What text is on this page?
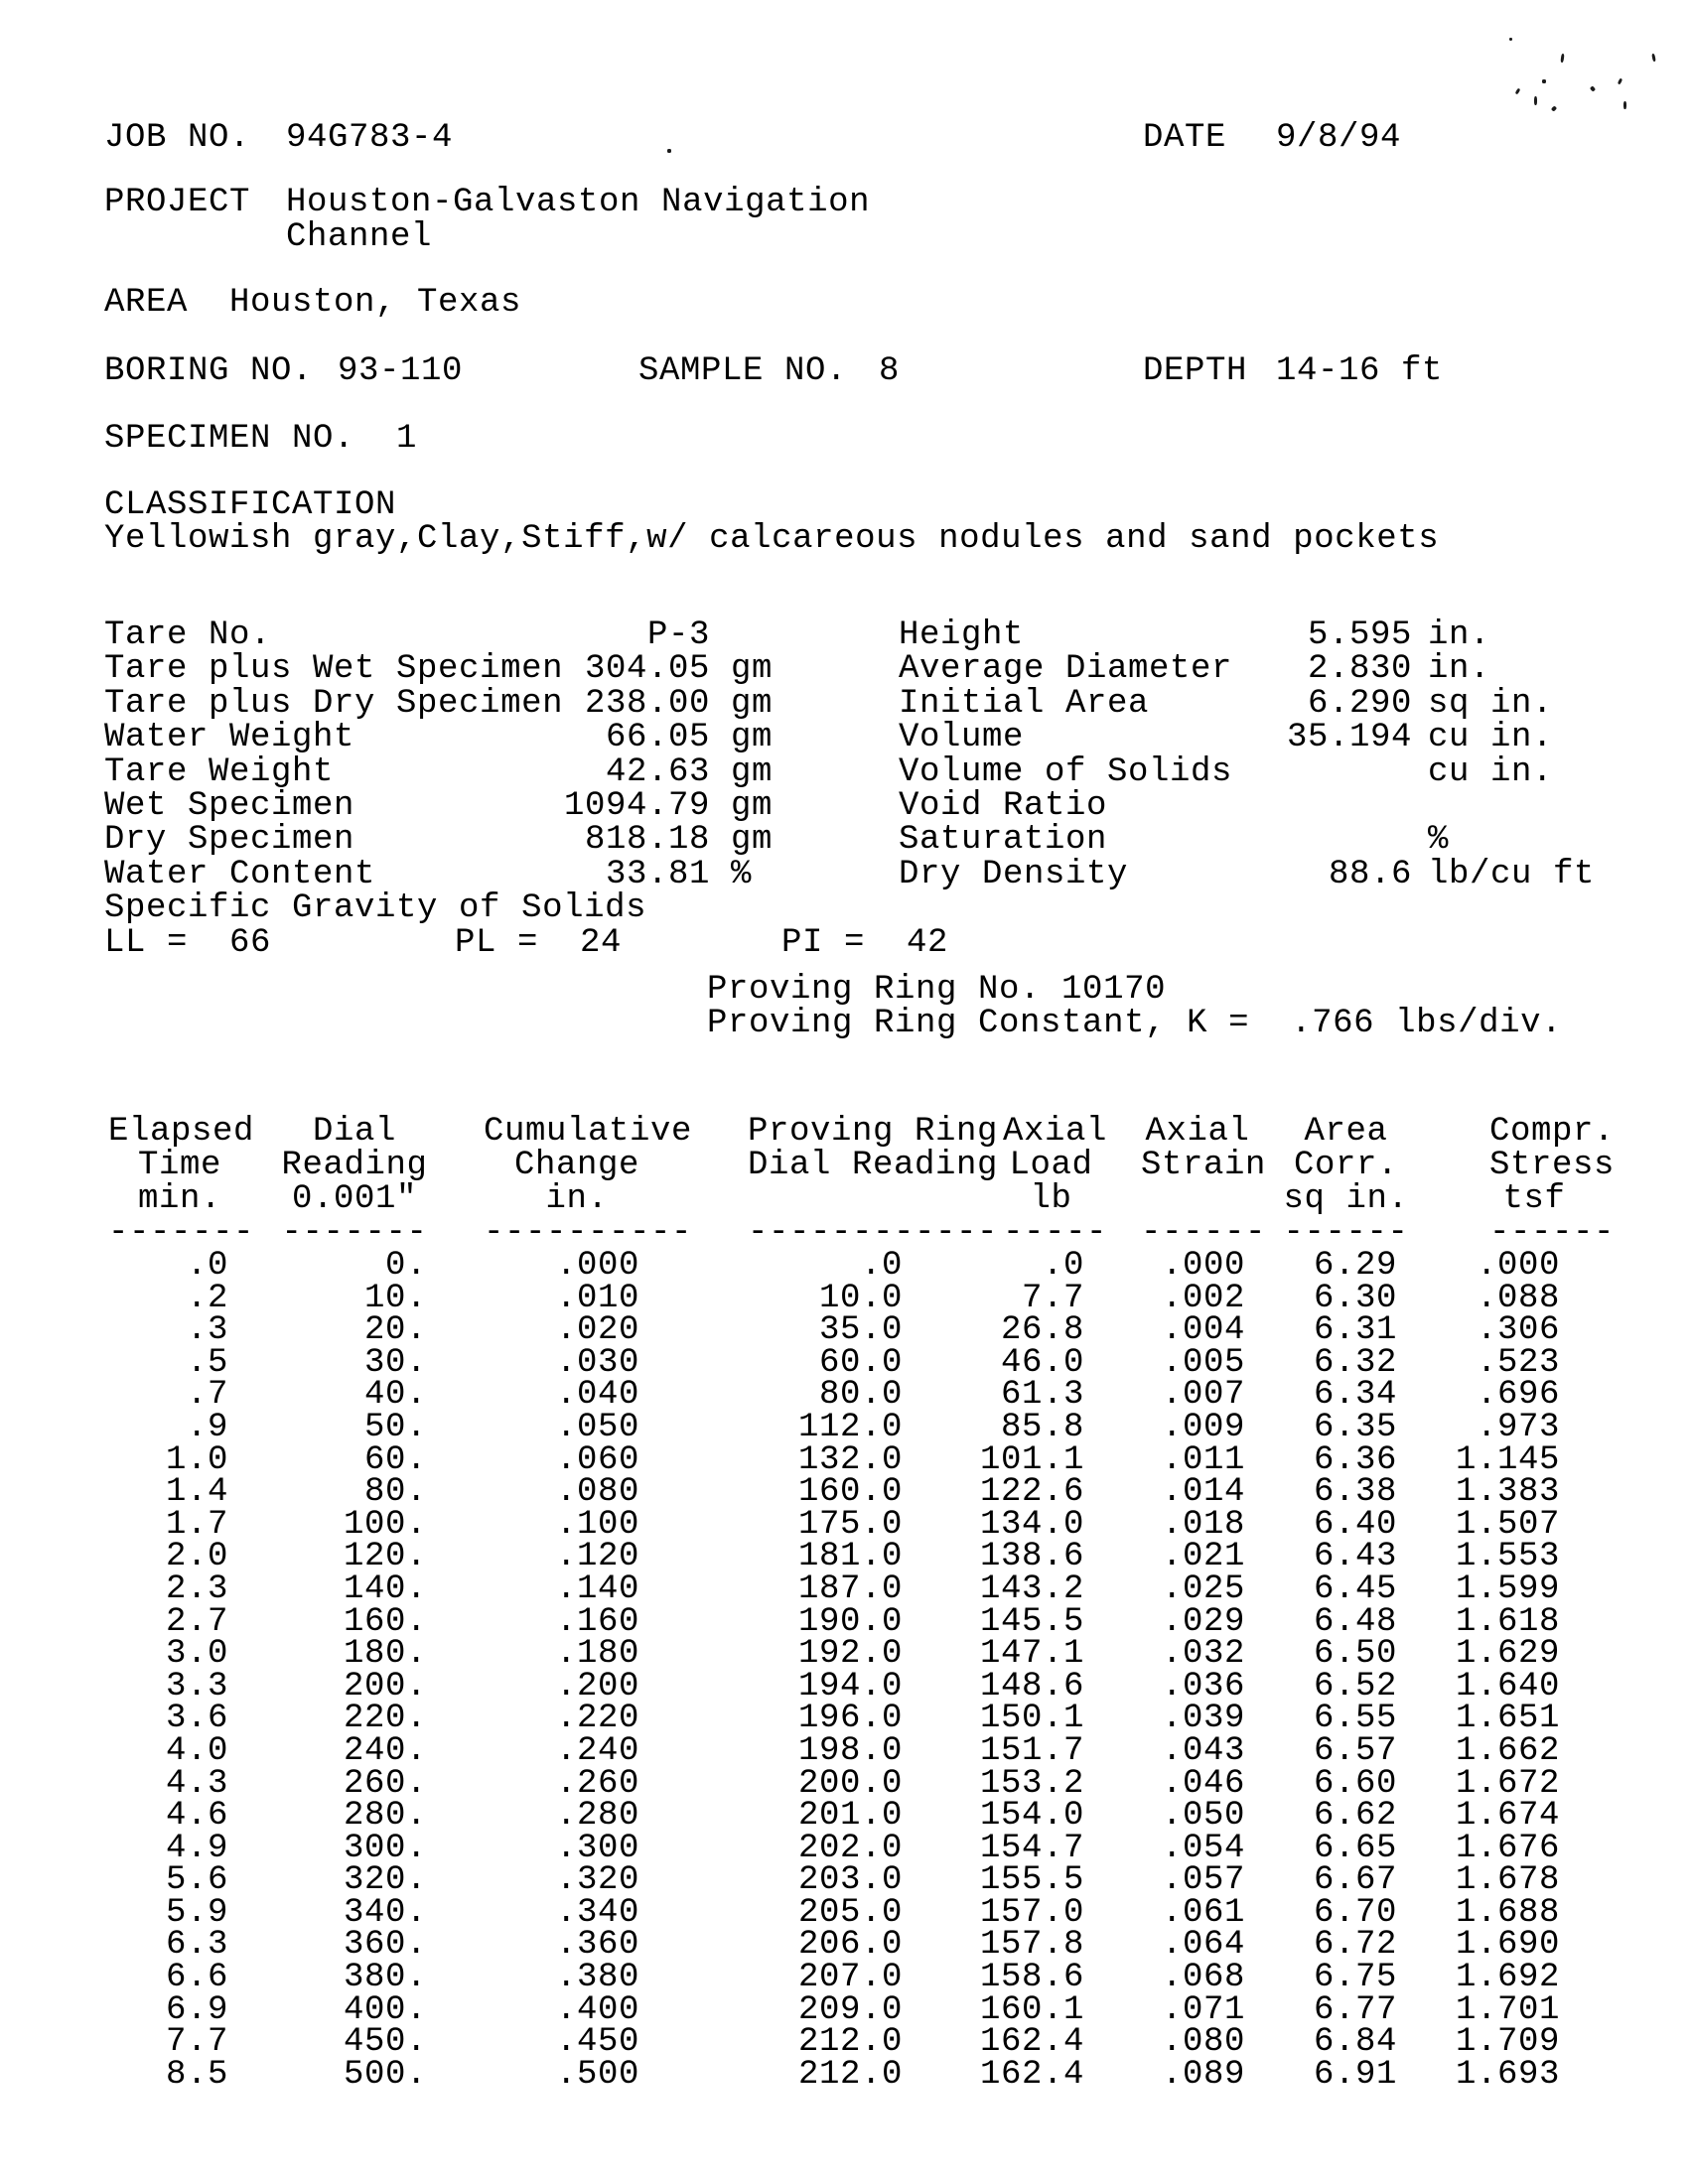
JOB NO. 94G783-4	DATE 9/8/94
PROJECT Houston-Galvaston Navigation
Channel
AREA Houston, Texas
BORING NO. 93-110	SAMPLE NO. 8	DEPTH 14-16 ft
SPECIMEN NO. 1
CLASSIFICATION
Yellowish gray,Clay,Stiff,w/ calcareous nodules and sand pockets
Tare No.	P-3
Tare plus Wet Specimen 304.05 gm
Tare plus Dry Specimen 238.00 gm
Water Weight	66.05 gm
Tare Weight	42.63 gm
Wet Specimen	1094.79 gm
Dry Specimen	818.18 gm
Water Content	33.81 %
Specific Gravity of Solids
Height	5.595 in.
Average Diameter	2.830 in.
Initial Area	6.290 sq in.
Volume	35.194 cu in.
Volume of Solids	cu in.
Void Ratio
Saturation	%
Dry Density	88.6 lb/cu ft
LL =  66	PL =  24	PI =  42
Proving Ring No. 10170
Proving Ring Constant, K =  .766 lbs/div.
Elapsed	Dial	Cumulative	Proving Ring	Axial	Axial	Area	Compr.
Time	Reading	Change	Dial Reading	Load	Strain	Corr.	Stress
min.	0.001"	in.		lb		sq in.	tsf
-------	-------	----------	------------	-----	------	------	------
.0	0.	.000	.0	.0	.000	6.29	.000
.2	10.	.010	10.0	7.7	.002	6.30	.088
.3	20.	.020	35.0	26.8	.004	6.31	.306
.5	30.	.030	60.0	46.0	.005	6.32	.523
.7	40.	.040	80.0	61.3	.007	6.34	.696
.9	50.	.050	112.0	85.8	.009	6.35	.973
1.0	60.	.060	132.0	101.1	.011	6.36	1.145
1.4	80.	.080	160.0	122.6	.014	6.38	1.383
1.7	100.	.100	175.0	134.0	.018	6.40	1.507
2.0	120.	.120	181.0	138.6	.021	6.43	1.553
2.3	140.	.140	187.0	143.2	.025	6.45	1.599
2.7	160.	.160	190.0	145.5	.029	6.48	1.618
3.0	180.	.180	192.0	147.1	.032	6.50	1.629
3.3	200.	.200	194.0	148.6	.036	6.52	1.640
3.6	220.	.220	196.0	150.1	.039	6.55	1.651
4.0	240.	.240	198.0	151.7	.043	6.57	1.662
4.3	260.	.260	200.0	153.2	.046	6.60	1.672
4.6	280.	.280	201.0	154.0	.050	6.62	1.674
4.9	300.	.300	202.0	154.7	.054	6.65	1.676
5.6	320.	.320	203.0	155.5	.057	6.67	1.678
5.9	340.	.340	205.0	157.0	.061	6.70	1.688
6.3	360.	.360	206.0	157.8	.064	6.72	1.690
6.6	380.	.380	207.0	158.6	.068	6.75	1.692
6.9	400.	.400	209.0	160.1	.071	6.77	1.701
7.7	450.	.450	212.0	162.4	.080	6.84	1.709
8.5	500.	.500	212.0	162.4	.089	6.91	1.693
